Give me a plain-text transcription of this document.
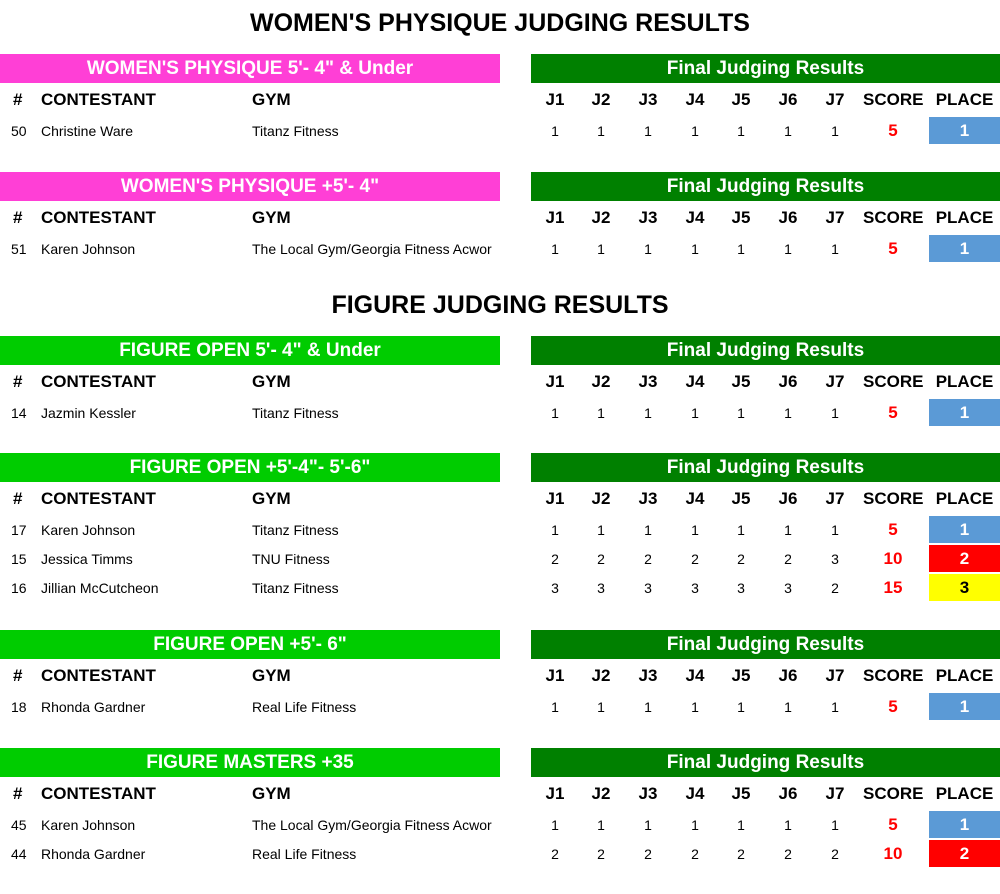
WOMEN'S PHYSIQUE JUDGING RESULTS
WOMEN'S PHYSIQUE 5'- 4" & Under	Final Judging Results
# CONTESTANT	GYM	J1	J2	J3	J4	J5	J6	J7	SCORE PLACE
50	Christine Ware	Titanz Fitness	1	1	1	1	1	1	1	5	1
WOMEN'S PHYSIQUE +5'- 4"	Final Judging Results
# CONTESTANT	GYM	J1	J2	J3	J4	J5	J6	J7	SCORE PLACE
51	Karen Johnson	The Local Gym/Georgia Fitness Acwor	1	1	1	1	1	1	1	5	1
FIGURE JUDGING RESULTS
FIGURE OPEN 5'- 4" & Under	Final Judging Results
# CONTESTANT	GYM	J1	J2	J3	J4	J5	J6	J7	SCORE PLACE
14	Jazmin Kessler	Titanz Fitness	1	1	1	1	1	1	1	5	1
FIGURE OPEN +5'-4"- 5'-6"	Final Judging Results
# CONTESTANT	GYM	J1	J2	J3	J4	J5	J6	J7	SCORE PLACE
17	Karen Johnson	Titanz Fitness	1	1	1	1	1	1	1	5	1
15	Jessica Timms	TNU Fitness	2	2	2	2	2	2	3	10	2
16	Jillian McCutcheon	Titanz Fitness	3	3	3	3	3	3	2	15	3
FIGURE OPEN +5'- 6"	Final Judging Results
# CONTESTANT	GYM	J1	J2	J3	J4	J5	J6	J7	SCORE PLACE
18	Rhonda Gardner	Real Life Fitness	1	1	1	1	1	1	1	5	1
FIGURE MASTERS +35	Final Judging Results
# CONTESTANT	GYM	J1	J2	J3	J4	J5	J6	J7	SCORE PLACE
45	Karen Johnson	The Local Gym/Georgia Fitness Acwor	1	1	1	1	1	1	1	5	1
44	Rhonda Gardner	Real Life Fitness	2	2	2	2	2	2	2	10	2
